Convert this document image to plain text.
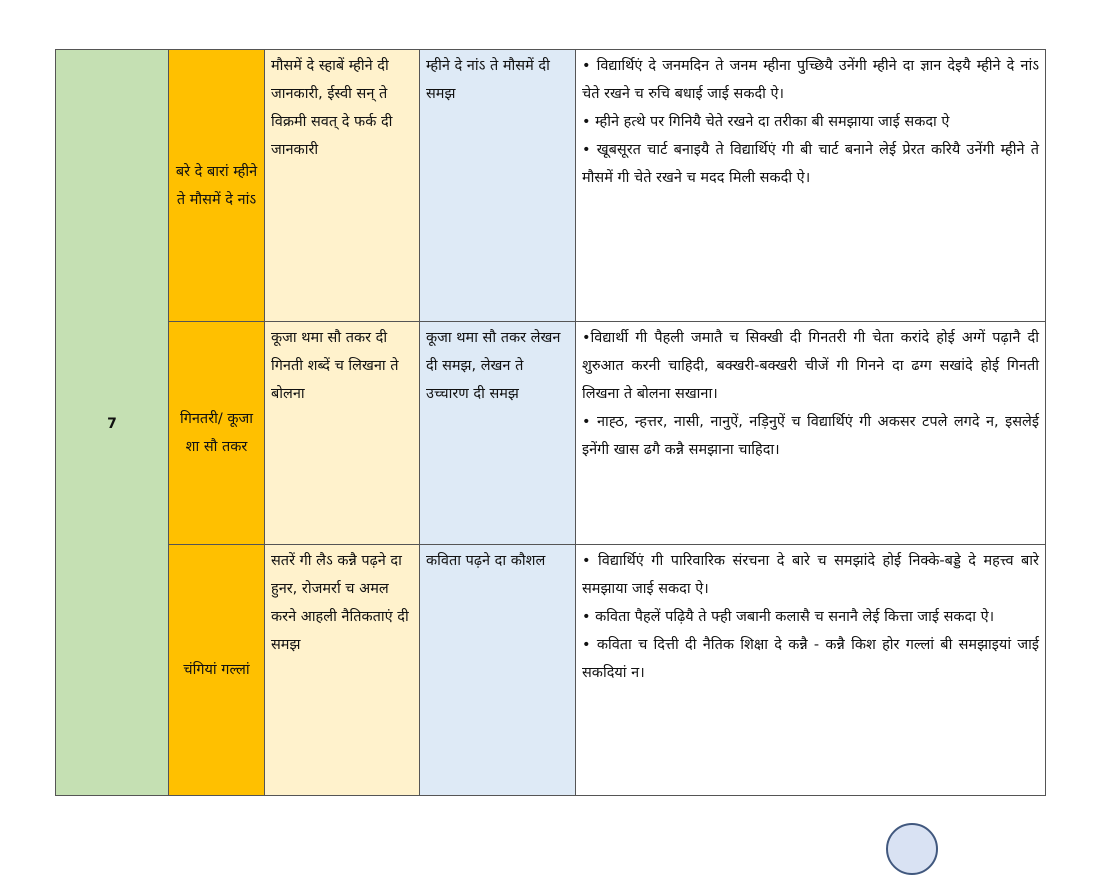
7	बरे दे बारां म्हीने ते मौसमें दे नांऽ	मौसमें दे स्हाबें म्हीने दी जानकारी, ईस्वी सन् ते विक्रमी सवत् दे फर्क दी जानकारी	म्हीने दे नांऽ ते मौसमें दी समझ	• विद्यार्थिएं दे जनमदिन ते जनम म्हीना पुच्छियै उनेंगी म्हीने दा ज्ञान देइयै म्हीने दे नांऽ चेते रखने च रुचि बधाई जाई सकदी ऐ।

• म्हीने हत्थे पर गिनियै चेते रखने दा तरीका बी समझाया जाई सकदा ऐ

• खूबसूरत चार्ट बनाइयै ते विद्यार्थिएं गी बी चार्ट बनाने लेई प्रेरत करियै उनेंगी म्हीने ते मौसमें गी चेते रखने च मदद मिली सकदी ऐ।

	गिनतरी/ कूजा शा सौ तकर	कूजा थमा सौ तकर दी गिनती शब्दें च लिखना ते बोलना	कूजा थमा सौ तकर लेखन दी समझ, लेखन ते उच्चारण दी समझ	•विद्यार्थी गी पैहली जमातै च सिक्खी दी गिनतरी गी चेता करांदे होई अग्गें पढ़ानै दी शुरुआत करनी चाहिदी, बक्खरी-बक्खरी चीजें गी गिनने दा ढग्ग सखांदे होई गिनती लिखना ते बोलना सखाना।

• नाह्ठ, न्हत्तर, नासी, नानुऐं, नड़िनुऐं च विद्यार्थिएं गी अकसर टपले लगदे न, इसलेई इनेंगी खास ढगै कन्नै समझाना चाहिदा।

	चंगियां गल्लां	सतरें गी लैऽ कन्नै पढ़ने दा हुनर, रोजमर्रा च अमल करने आहली नैतिकताएं दी समझ	कविता पढ़ने दा कौशल	• विद्यार्थिएं गी पारिवारिक संरचना दे बारे च समझांदे होई निक्के-बड्डे दे महत्त्व बारे समझाया जाई सकदा ऐ।

• कविता पैहलें पढ़ियै ते फ्ही जबानी कलासै च सनानै लेई कित्ता जाई सकदा ऐ।

• कविता च दित्ती दी नैतिक शिक्षा दे कन्नै - कन्नै किश होर गल्लां बी समझाइयां जाई सकदियां न।
